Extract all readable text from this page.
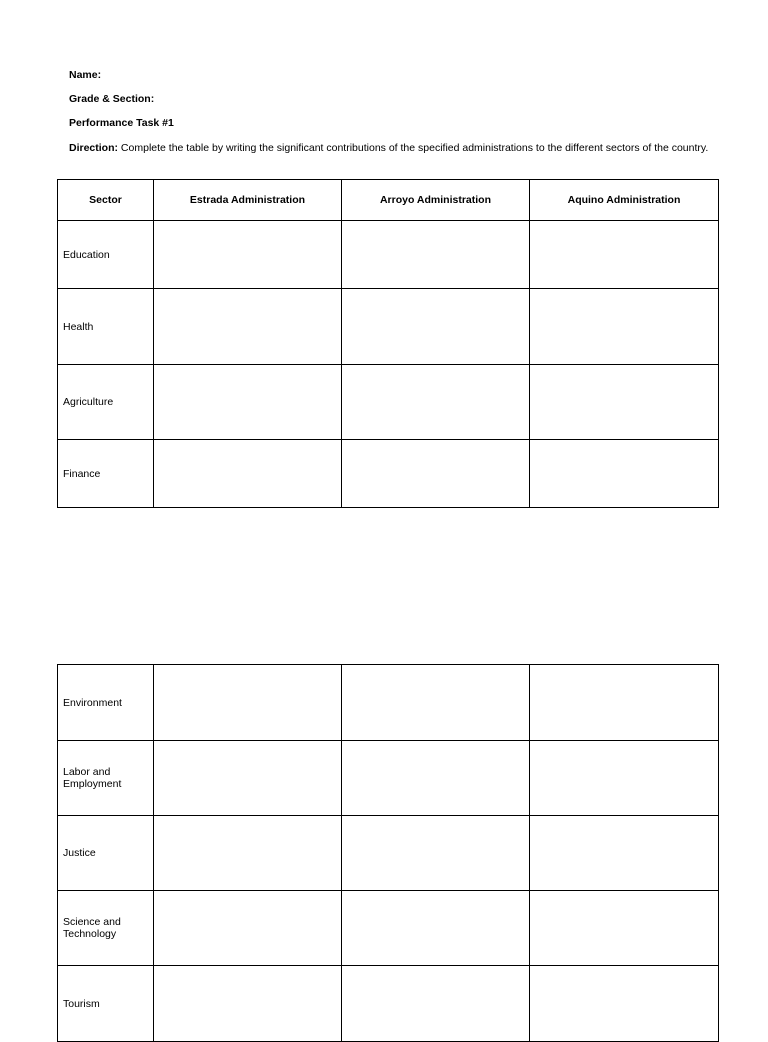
Name:
Grade & Section:
Performance Task #1
Direction: Complete the table by writing the significant contributions of the specified administrations to the different sectors of the country.
Sector	Estrada Administration	Arroyo Administration	Aquino Administration
Education			
Health			
Agriculture			
Finance			
Environment			
Labor and Employment			
Justice			
Science and Technology			
Tourism			
